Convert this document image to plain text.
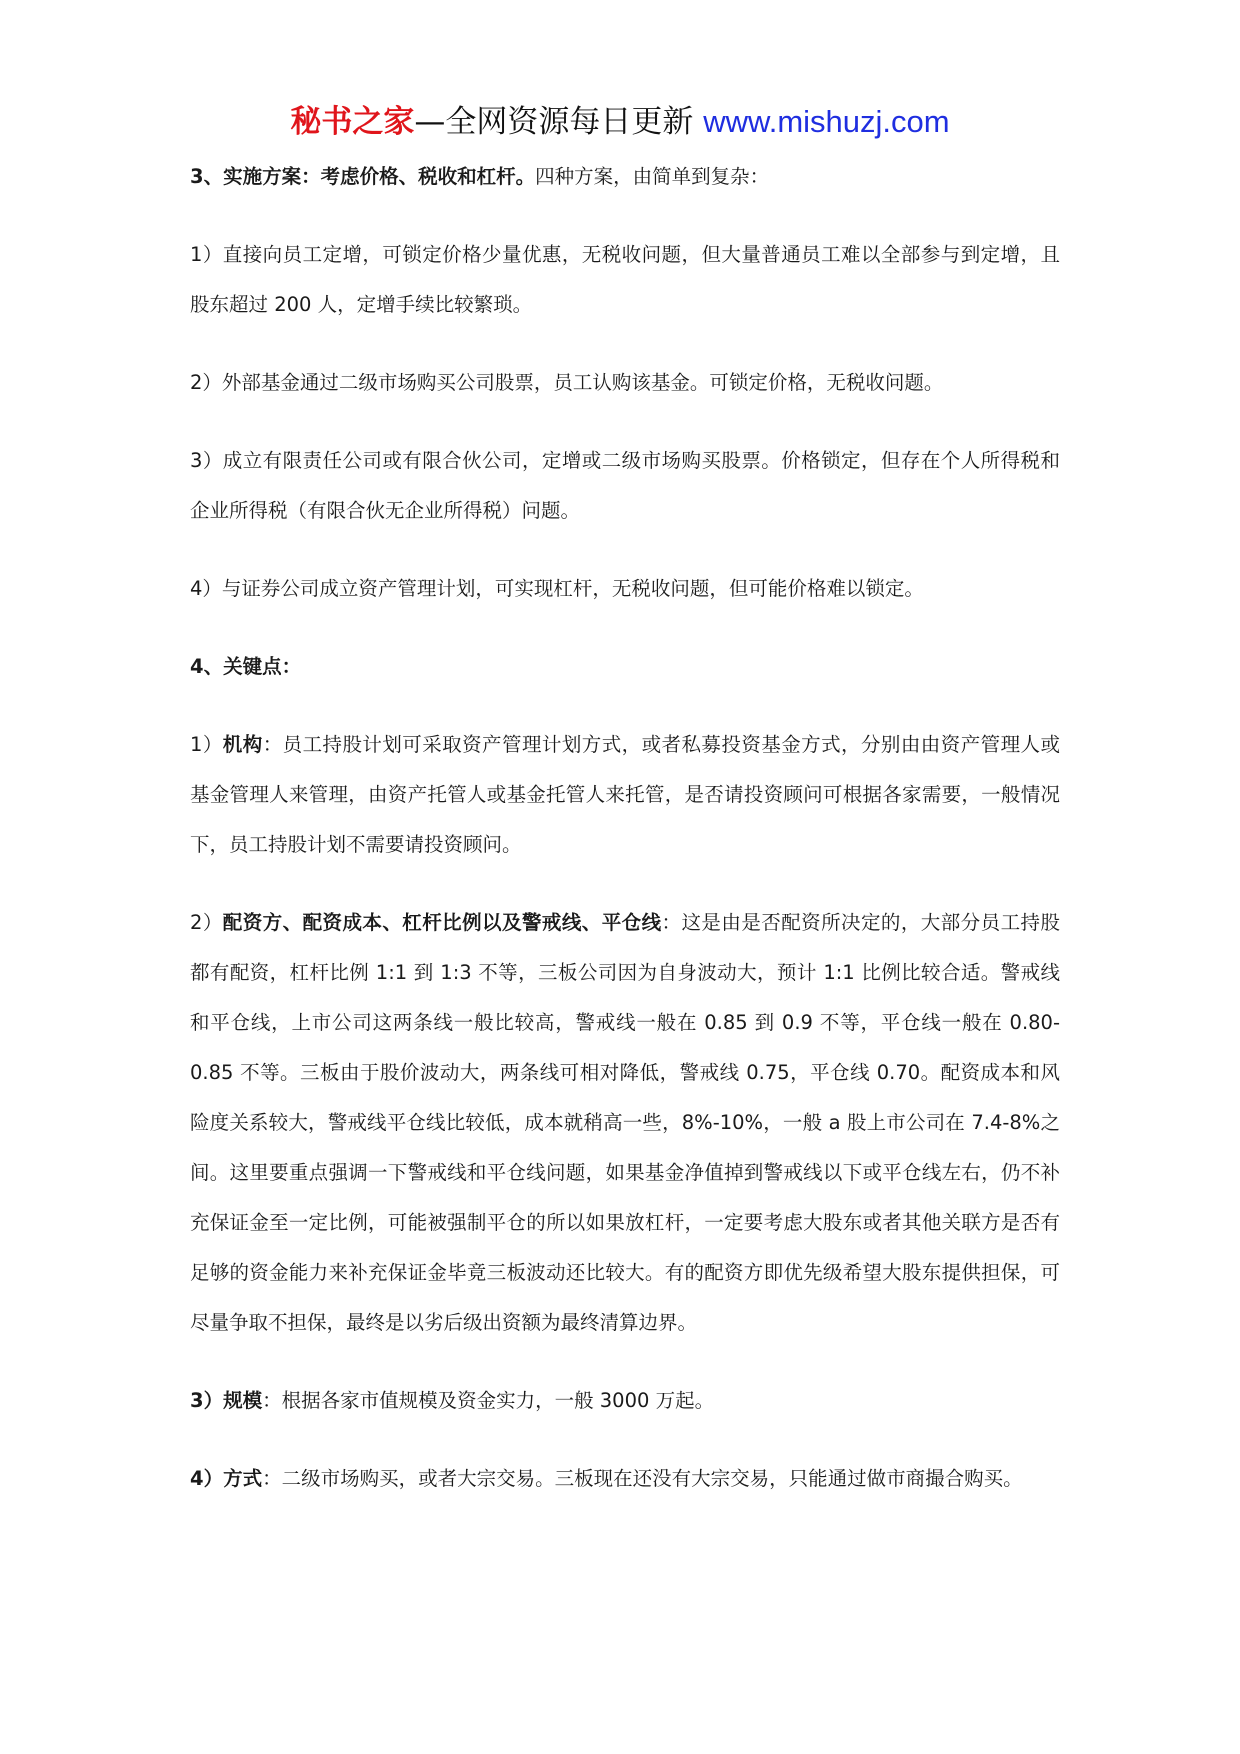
秘书之家—全网资源每日更新 www.mishuzj.com

3、实施方案：考虑价格、税收和杠杆。四种方案，由简单到复杂：

1）直接向员工定增，可锁定价格少量优惠，无税收问题，但大量普通员工难以全部参与到定增，且股东超过 200 人，定增手续比较繁琐。

2）外部基金通过二级市场购买公司股票，员工认购该基金。可锁定价格，无税收问题。

3）成立有限责任公司或有限合伙公司，定增或二级市场购买股票。价格锁定，但存在个人所得税和企业所得税（有限合伙无企业所得税）问题。

4）与证券公司成立资产管理计划，可实现杠杆，无税收问题，但可能价格难以锁定。

4、关键点：

1）机构：员工持股计划可采取资产管理计划方式，或者私募投资基金方式，分别由由资产管理人或基金管理人来管理，由资产托管人或基金托管人来托管，是否请投资顾问可根据各家需要，一般情况下，员工持股计划不需要请投资顾问。

2）配资方、配资成本、杠杆比例以及警戒线、平仓线：这是由是否配资所决定的，大部分员工持股都有配资，杠杆比例 1:1 到 1:3 不等，三板公司因为自身波动大，预计 1:1 比例比较合适。警戒线和平仓线，上市公司这两条线一般比较高，警戒线一般在 0.85 到 0.9 不等，平仓线一般在 0.80-0.85 不等。三板由于股价波动大，两条线可相对降低，警戒线 0.75，平仓线 0.70。配资成本和风险度关系较大，警戒线平仓线比较低，成本就稍高一些，8%-10%，一般 a 股上市公司在 7.4-8%之间。这里要重点强调一下警戒线和平仓线问题，如果基金净值掉到警戒线以下或平仓线左右，仍不补充保证金至一定比例，可能被强制平仓的所以如果放杠杆，一定要考虑大股东或者其他关联方是否有足够的资金能力来补充保证金毕竟三板波动还比较大。有的配资方即优先级希望大股东提供担保，可尽量争取不担保，最终是以劣后级出资额为最终清算边界。

3）规模：根据各家市值规模及资金实力，一般 3000 万起。

4）方式：二级市场购买，或者大宗交易。三板现在还没有大宗交易，只能通过做市商撮合购买。
